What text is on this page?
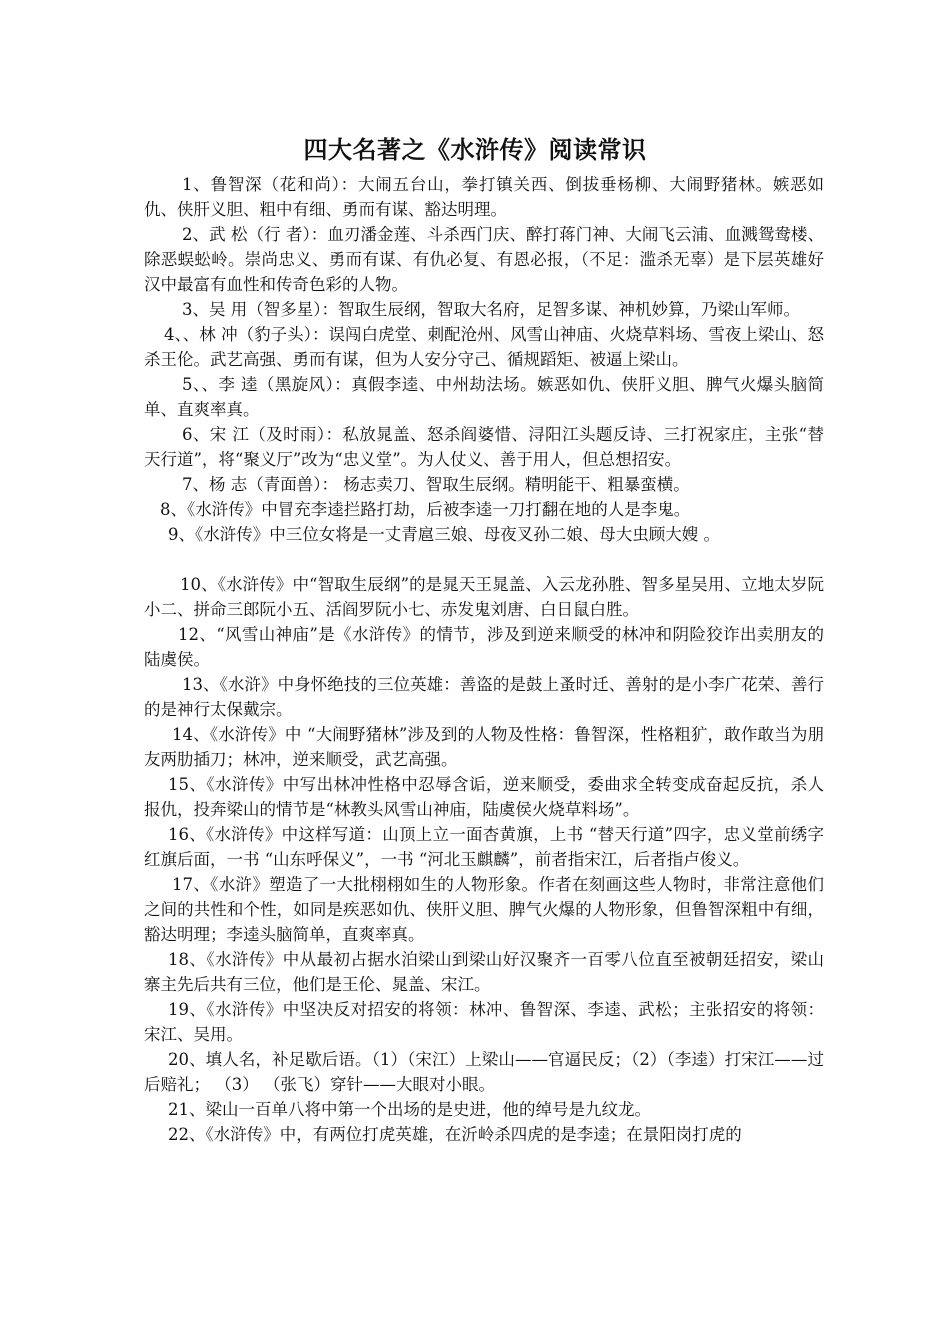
四大名著之《水浒传》阅读常识

1、鲁智深（花和尚）：大闹五台山，拳打镇关西、倒拔垂杨柳、大闹野猪林。嫉恶如仇、侠肝义胆、粗中有细、勇而有谋、豁达明理。

2、武 松（行 者）：血刃潘金莲、斗杀西门庆、醉打蒋门神、大闹飞云浦、血溅鸳鸯楼、除恶蜈蚣岭。崇尚忠义、勇而有谋、有仇必复、有恩必报，（不足：滥杀无辜）是下层英雄好汉中最富有血性和传奇色彩的人物。

3、吴 用（智多星）：智取生辰纲，智取大名府，足智多谋、神机妙算，乃梁山军师。

4、、林 冲（豹子头）：误闯白虎堂、刺配沧州、风雪山神庙、火烧草料场、雪夜上梁山、怒杀王伦。武艺高强、勇而有谋，但为人安分守己、循规蹈矩、被逼上梁山。

5、、李 逵（黑旋风）：真假李逵、中州劫法场。嫉恶如仇、侠肝义胆、脾气火爆头脑简单、直爽率真。

6、宋 江（及时雨）：私放晁盖、怒杀阎婆惜、浔阳江头题反诗、三打祝家庄，主张“替天行道”，将“聚义厅”改为“忠义堂”。为人仗义、善于用人，但总想招安。

7、杨 志（青面兽）： 杨志卖刀、智取生辰纲。精明能干、粗暴蛮横。

8、《水浒传》中冒充李逵拦路打劫，后被李逵一刀打翻在地的人是李鬼。

9、《水浒传》中三位女将是一丈青扈三娘、母夜叉孙二娘、母大虫顾大嫂 。

10、《水浒传》中“智取生辰纲”的是晁天王晁盖、入云龙孙胜、智多星吴用、立地太岁阮小二、拼命三郎阮小五、活阎罗阮小七、赤发鬼刘唐、白日鼠白胜。

12、“风雪山神庙”是《水浒传》的情节，涉及到逆来顺受的林冲和阴险狡诈出卖朋友的陆虞侯。

13、《水浒》中身怀绝技的三位英雄：善盗的是鼓上蚤时迁、善射的是小李广花荣、善行的是神行太保戴宗。

14、《水浒传》中 “大闹野猪林”涉及到的人物及性格：鲁智深，性格粗犷，敢作敢当为朋友两肋插刀；林冲，逆来顺受，武艺高强。

15、《水浒传》中写出林冲性格中忍辱含诟，逆来顺受，委曲求全转变成奋起反抗，杀人报仇，投奔梁山的情节是“林教头风雪山神庙，陆虞侯火烧草料场”。

16、《水浒传》中这样写道：山顶上立一面杏黄旗，上书 “替天行道”四字，忠义堂前绣字红旗后面，一书 “山东呼保义”，一书 “河北玉麒麟”，前者指宋江，后者指卢俊义。

17、《水浒》塑造了一大批栩栩如生的人物形象。作者在刻画这些人物时，非常注意他们之间的共性和个性，如同是疾恶如仇、侠肝义胆、脾气火爆的人物形象，但鲁智深粗中有细，豁达明理；李逵头脑简单，直爽率真。

18、《水浒传》中从最初占据水泊梁山到梁山好汉聚齐一百零八位直至被朝廷招安，梁山寨主先后共有三位，他们是王伦、晁盖、宋江。

19、《水浒传》中坚决反对招安的将领：林冲、鲁智深、李逵、武松；主张招安的将领：宋江、吴用。

20、填人名，补足歇后语。（1）（宋江）上梁山——官逼民反；（2）（李逵）打宋江——过后赔礼； （3） （张飞）穿针——大眼对小眼。

21、梁山一百单八将中第一个出场的是史进，他的绰号是九纹龙。

22、《水浒传》中，有两位打虎英雄，在沂岭杀四虎的是李逵；在景阳岗打虎的
